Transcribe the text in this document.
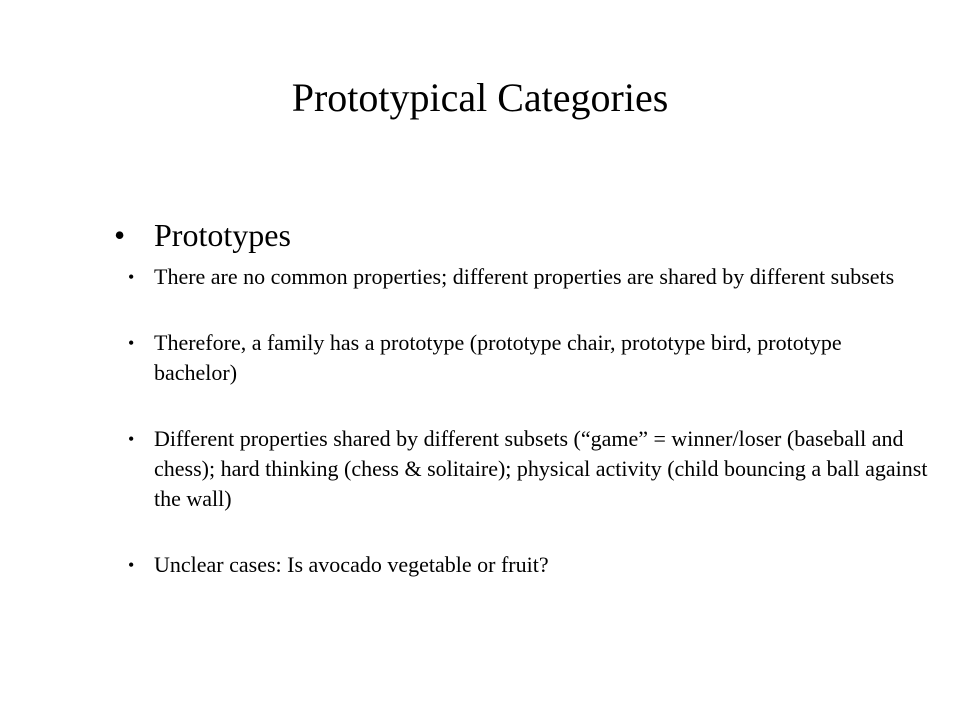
Prototypical Categories
• Prototypes
• There are no common properties; different properties are shared by different subsets
• Therefore, a family has a prototype (prototype chair, prototype bird, prototype bachelor)
• Different properties shared by different subsets (“game” = winner/loser (baseball and chess); hard thinking (chess & solitaire); physical activity (child bouncing a ball against the wall)
• Unclear cases: Is avocado vegetable or fruit?
